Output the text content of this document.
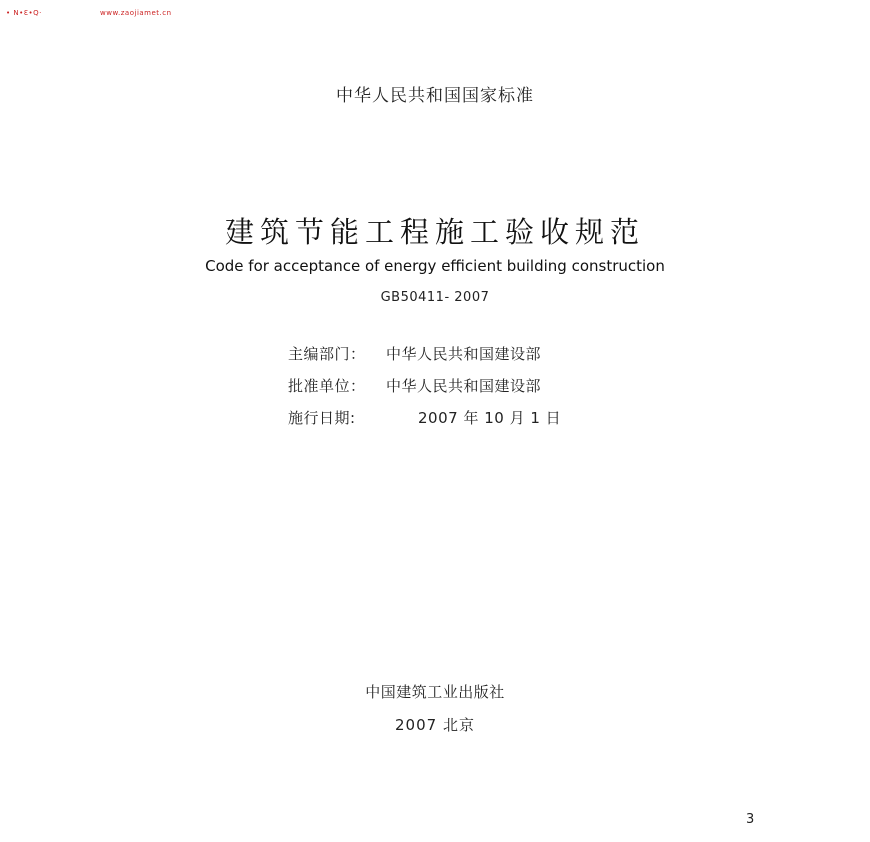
• N•Ɛ•Q·	www.zaojiamet.cn
中华人民共和国国家标准
建筑节能工程施工验收规范
Code for acceptance of energy efficient building construction
GB50411- 2007
主编部门： 中华人民共和国建设部
批准单位： 中华人民共和国建设部
施行日期:	2007 年 10 月 1 日
中国建筑工业出版社
2007 北京
3
